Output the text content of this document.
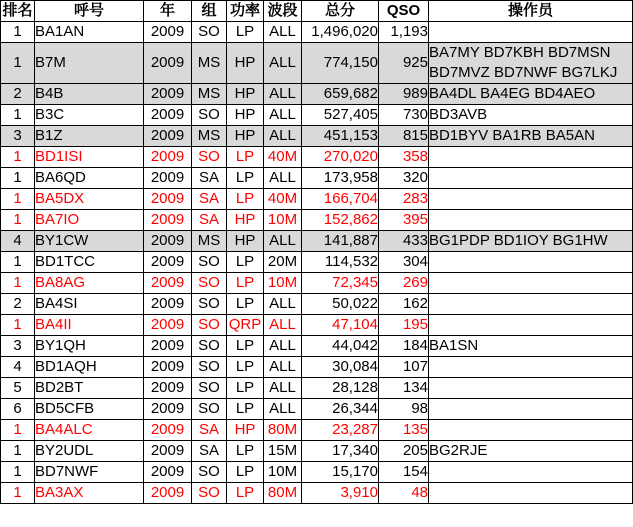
排名	呼号	年	组	功率	波段	总分	QSO	操作员
1	BA1AN	2009	SO	LP	ALL	1,496,020	1,193	
1	B7M	2009	MS	HP	ALL	774,150	925	BA7MY BD7KBH BD7MSN BD7MVZ BD7NWF BG7LKJ
2	B4B	2009	MS	HP	ALL	659,682	989	BA4DL BA4EG BD4AEO
1	B3C	2009	SO	HP	ALL	527,405	730	BD3AVB
3	B1Z	2009	MS	HP	ALL	451,153	815	BD1BYV BA1RB BA5AN
1	BD1ISI	2009	SO	LP	40M	270,020	358	
1	BA6QD	2009	SA	LP	ALL	173,958	320	
1	BA5DX	2009	SA	LP	40M	166,704	283	
1	BA7IO	2009	SA	HP	10M	152,862	395	
4	BY1CW	2009	MS	HP	ALL	141,887	433	BG1PDP BD1IOY BG1HW
1	BD1TCC	2009	SO	LP	20M	114,532	304	
1	BA8AG	2009	SO	LP	10M	72,345	269	
2	BA4SI	2009	SO	LP	ALL	50,022	162	
1	BA4II	2009	SO	QRP	ALL	47,104	195	
3	BY1QH	2009	SO	LP	ALL	44,042	184	BA1SN
4	BD1AQH	2009	SO	LP	ALL	30,084	107	
5	BD2BT	2009	SO	LP	ALL	28,128	134	
6	BD5CFB	2009	SO	LP	ALL	26,344	98	
1	BA4ALC	2009	SA	HP	80M	23,287	135	
1	BY2UDL	2009	SA	LP	15M	17,340	205	BG2RJE
1	BD7NWF	2009	SO	LP	10M	15,170	154	
1	BA3AX	2009	SO	LP	80M	3,910	48	
